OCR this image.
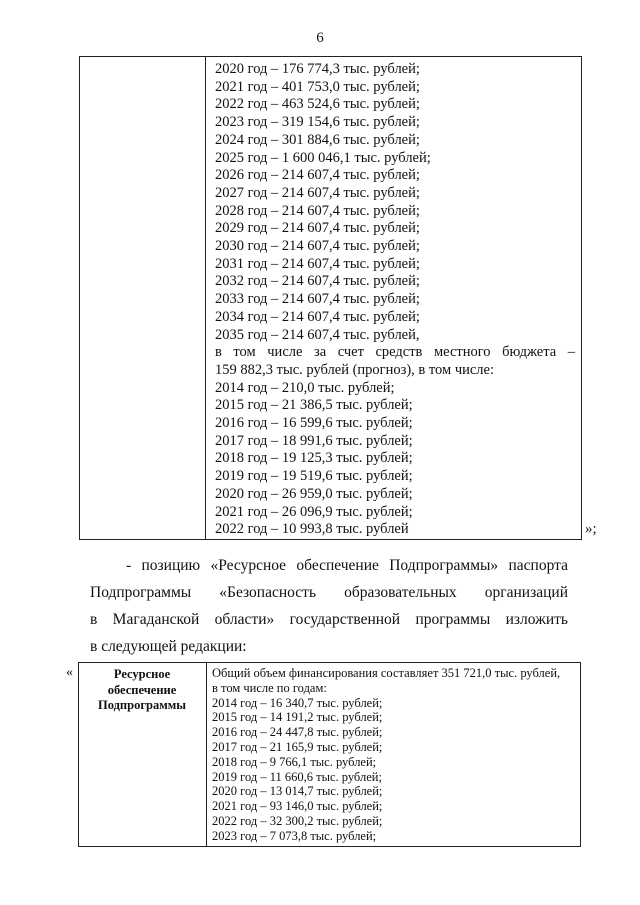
6
2020 год – 176 774,3 тыс. рублей;
2021 год – 401 753,0 тыс. рублей;
2022 год – 463 524,6 тыс. рублей;
2023 год – 319 154,6 тыс. рублей;
2024 год – 301 884,6 тыс. рублей;
2025 год – 1 600 046,1 тыс. рублей;
2026 год – 214 607,4 тыс. рублей;
2027 год – 214 607,4 тыс. рублей;
2028 год – 214 607,4 тыс. рублей;
2029 год – 214 607,4 тыс. рублей;
2030 год – 214 607,4 тыс. рублей;
2031 год – 214 607,4 тыс. рублей;
2032 год – 214 607,4 тыс. рублей;
2033 год – 214 607,4 тыс. рублей;
2034 год – 214 607,4 тыс. рублей;
2035 год – 214 607,4 тыс. рублей,
в том числе за счет средств местного бюджета –
159 882,3 тыс. рублей (прогноз), в том числе:
2014 год – 210,0 тыс. рублей;
2015 год – 21 386,5 тыс. рублей;
2016 год – 16 599,6 тыс. рублей;
2017 год – 18 991,6 тыс. рублей;
2018 год – 19 125,3 тыс. рублей;
2019 год – 19 519,6 тыс. рублей;
2020 год – 26 959,0 тыс. рублей;
2021 год – 26 096,9 тыс. рублей;
2022 год – 10 993,8 тыс. рублей	»;
- позицию «Ресурсное обеспечение Подпрограммы» паспорта
Подпрограммы «Безопасность образовательных организаций
в Магаданской области» государственной программы изложить
в следующей редакции:
«	Ресурсное обеспечение Подпрограммы
Общий объем финансирования составляет 351 721,0 тыс. рублей,
в том числе по годам:
2014 год – 16 340,7 тыс. рублей;
2015 год – 14 191,2 тыс. рублей;
2016 год – 24 447,8 тыс. рублей;
2017 год – 21 165,9 тыс. рублей;
2018 год – 9 766,1 тыс. рублей;
2019 год – 11 660,6 тыс. рублей;
2020 год – 13 014,7 тыс. рублей;
2021 год – 93 146,0 тыс. рублей;
2022 год – 32 300,2 тыс. рублей;
2023 год – 7 073,8 тыс. рублей;
